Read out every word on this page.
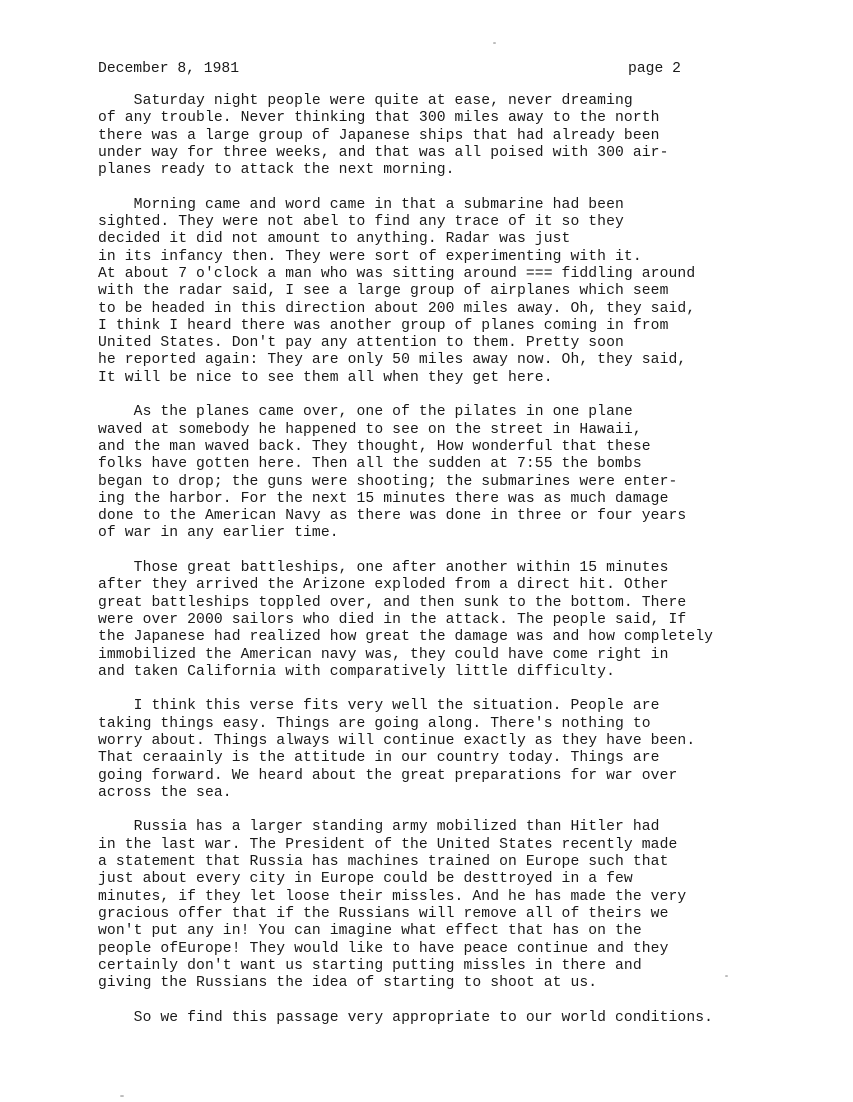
December 8, 1981	page 2
Saturday night people were quite at ease, never dreaming
of any trouble. Never thinking that 300 miles away to the north
there was a large group of Japanese ships that had already been
under way for three weeks, and that was all poised with 300 air-
planes ready to attack the next morning.
Morning came and word came in that a submarine had been
sighted. They were not abel to find any trace of it so they
decided it did not amount to anything. Radar was just
in its infancy then. They were sort of experimenting with it.
At about 7 o'clock a man who was sitting around === fiddling around
with the radar said, I see a large group of airplanes which seem
to be headed in this direction about 200 miles away. Oh, they said,
I think I heard there was another group of planes coming in from
United States. Don't pay any attention to them. Pretty soon
he reported again: They are only 50 miles away now. Oh, they said,
It will be nice to see them all when they get here.
As the planes came over, one of the pilates in one plane
waved at somebody he happened to see on the street in Hawaii,
and the man waved back. They thought, How wonderful that these
folks have gotten here. Then all the sudden at 7:55 the bombs
began to drop; the guns were shooting; the submarines were enter-
ing the harbor. For the next 15 minutes there was as much damage
done to the American Navy as there was done in three or four years
of war in any earlier time.
Those great battleships, one after another within 15 minutes
after they arrived the Arizone exploded from a direct hit. Other
great battleships toppled over, and then sunk to the bottom. There
were over 2000 sailors who died in the attack. The people said, If
the Japanese had realized how great the damage was and how completely
immobilized the American navy was, they could have come right in
and taken California with comparatively little difficulty.
I think this verse fits very well the situation. People are
taking things easy. Things are going along. There's nothing to
worry about. Things always will continue exactly as they have been.
That ceraainly is the attitude in our country today. Things are
going forward. We heard about the great preparations for war over
across the sea.
Russia has a larger standing army mobilized than Hitler had
in the last war. The President of the United States recently made
a statement that Russia has machines trained on Europe such that
just about every city in Europe could be desttroyed in a few
minutes, if they let loose their missles. And he has made the very
gracious offer that if the Russians will remove all of theirs we
won't put any in! You can imagine what effect that has on the
people ofEurope! They would like to have peace continue and they
certainly don't want us starting putting missles in there and
giving the Russians the idea of starting to shoot at us.
So we find this passage very appropriate to our world conditions.
